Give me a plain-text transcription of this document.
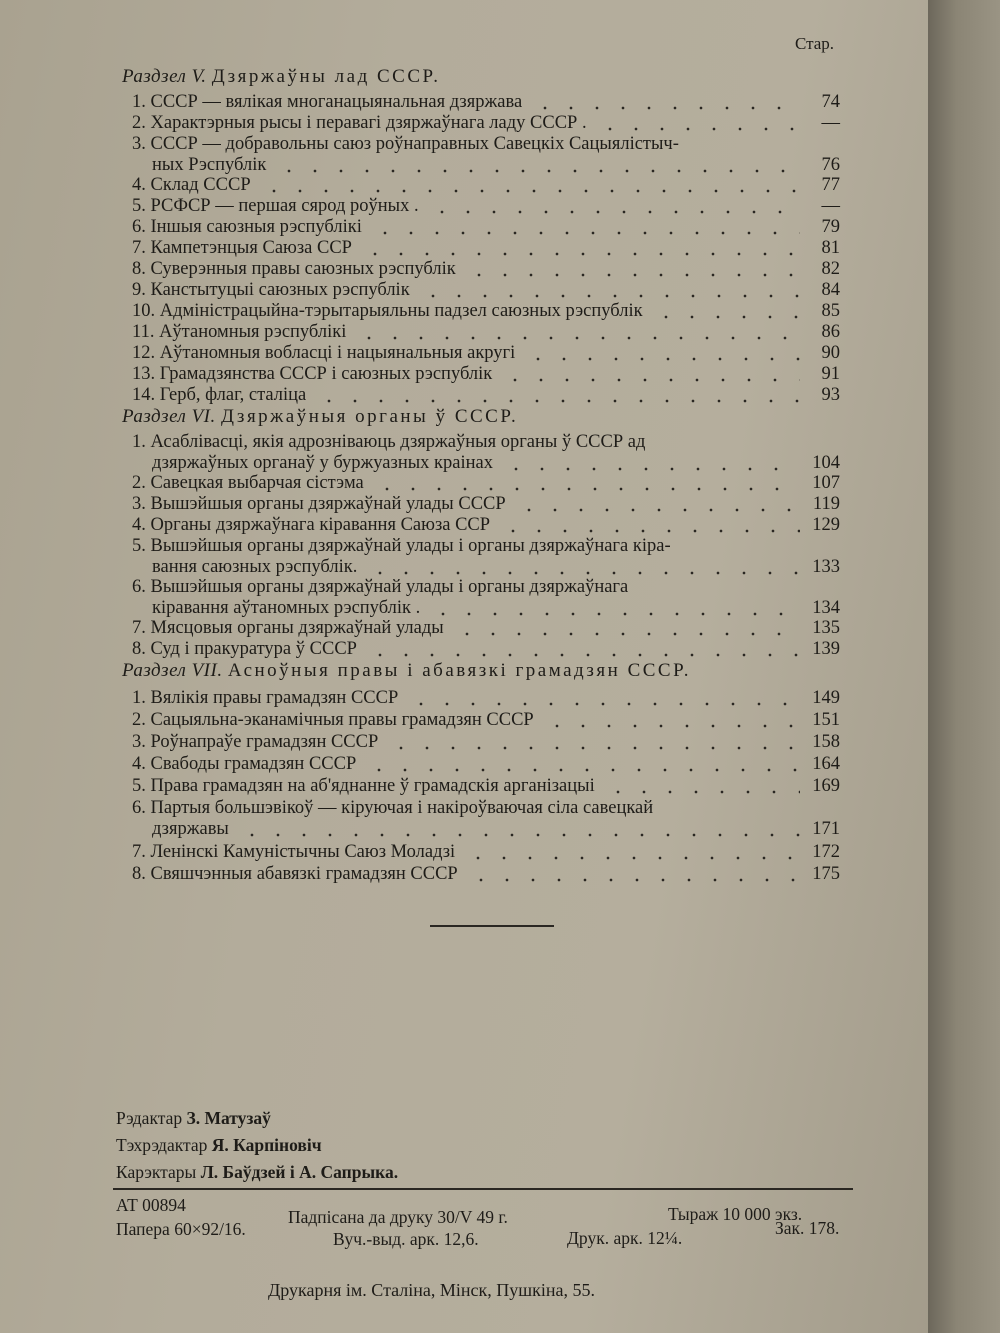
Стар.
Раздзел V. Дзяржаўны лад СССР.
1. СССР — вялікая многанацыянальная дзяржава	74
2. Характэрныя рысы і перавагі дзяржаўнага ладу СССР .	—
3. СССР — добравольны саюз роўнаправных Савецкіх Сацыялістыч-
ных Рэспублік	76
4. Склад СССР	77
5. РСФСР — першая сярод роўных .	—
6. Іншыя саюзныя рэспублікі	79
7. Кампетэнцыя Саюза ССР	81
8. Суверэнныя правы саюзных рэспублік	82
9. Канстытуцыі саюзных рэспублік	84
10. Адміністрацыйна-тэрытарыяльны падзел саюзных рэспублік	85
11. Аўтаномныя рэспублікі	86
12. Аўтаномныя вобласці і нацыянальныя акругі	90
13. Грамадзянства СССР і саюзных рэспублік	91
14. Герб, флаг, сталіца	93
Раздзел VI. Дзяржаўныя органы ў СССР.
1. Асаблівасці, якія адрозніваюць дзяржаўныя органы ў СССР ад
дзяржаўных органаў у буржуазных краінах	104
2. Савецкая выбарчая сістэма	107
3. Вышэйшыя органы дзяржаўнай улады СССР	119
4. Органы дзяржаўнага кіравання Саюза ССР	129
5. Вышэйшыя органы дзяржаўнай улады і органы дзяржаўнага кіра-
вання саюзных рэспублік.	133
6. Вышэйшыя органы дзяржаўнай улады і органы дзяржаўнага
кіравання аўтаномных рэспублік .	134
7. Мясцовыя органы дзяржаўнай улады	135
8. Суд і пракуратура ў СССР	139
Раздзел VII. Асноўныя правы і абавязкі грамадзян СССР.
1. Вялікія правы грамадзян СССР	149
2. Сацыяльна-эканамічныя правы грамадзян СССР	151
3. Роўнапраўе грамадзян СССР	158
4. Свабоды грамадзян СССР	164
5. Права грамадзян на аб'яднанне ў грамадскія арганізацыі	169
6. Партыя большэвікоў — кіруючая і накіроўваючая сіла савецкай
дзяржавы	171
7. Ленінскі Камуністычны Саюз Моладзі	172
8. Свяшчэнныя абавязкі грамадзян СССР	175
Рэдактар З. Матузаў
Тэхрэдактар Я. Карпіновіч
Карэктары Л. Баўдзей і А. Сапрыка.
АТ 00894
Падпісана да друку 30/V 49 г.	Тыраж 10 000 экз.
Папера 60×92/16.	Вуч.-выд. арк. 12,6.	Друк. арк. 12¼.	Зак. 178.
Друкарня ім. Сталіна, Мінск, Пушкіна, 55.
